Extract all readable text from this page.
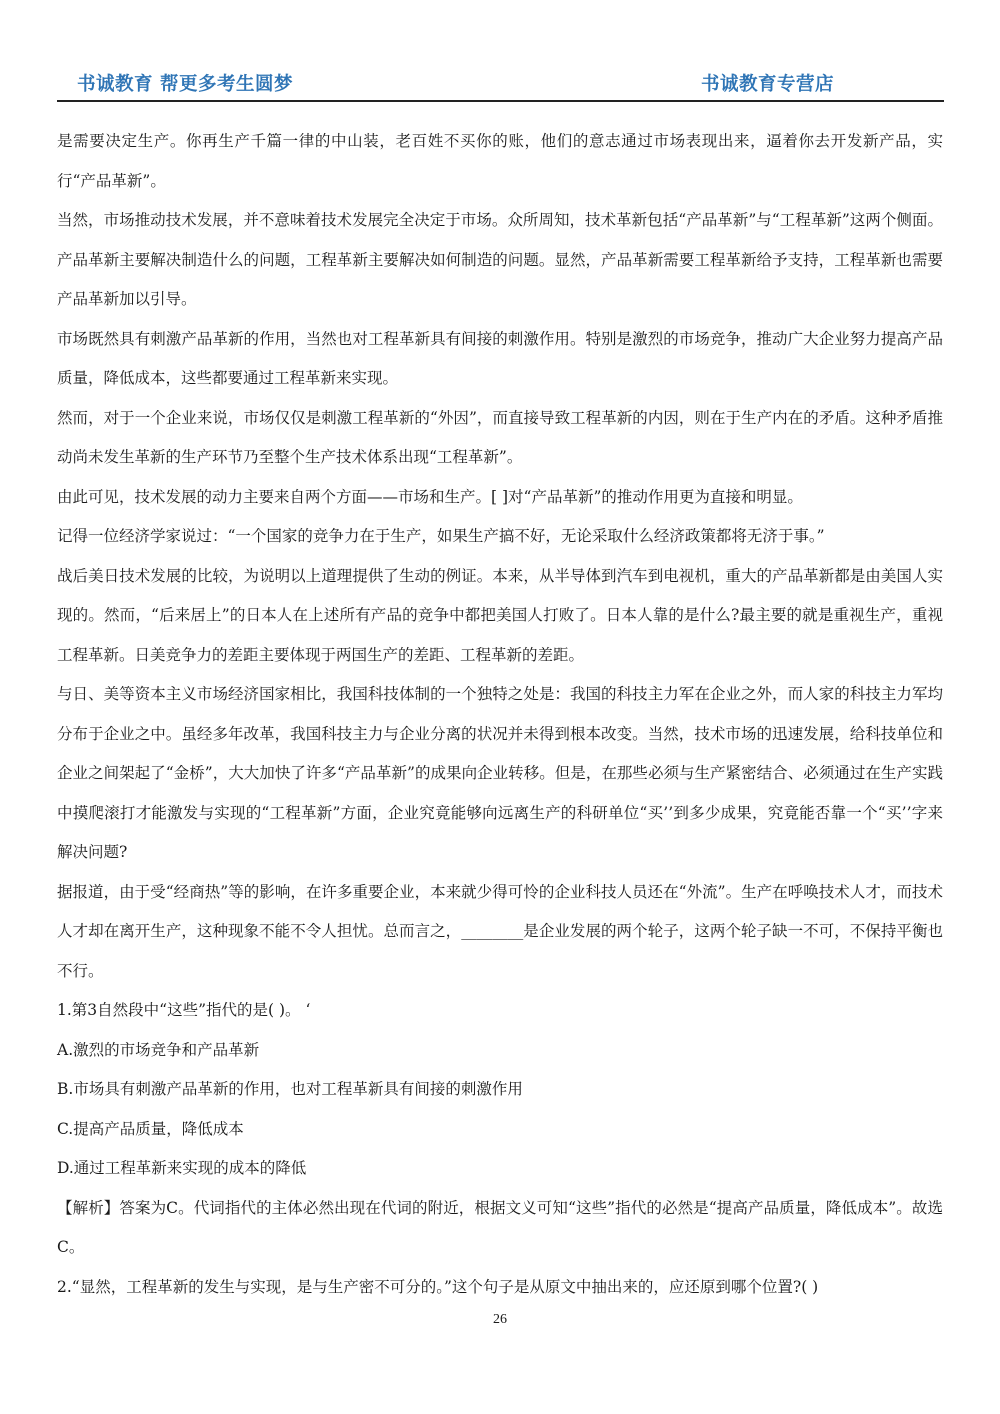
书诚教育 帮更多考生圆梦	书诚教育专营店

是需要决定生产。你再生产千篇一律的中山装，老百姓不买你的账，他们的意志通过市场表现出来，逼着你去开发新产品，实行“产品革新”。

当然，市场推动技术发展，并不意味着技术发展完全决定于市场。众所周知，技术革新包括“产品革新”与“工程革新”这两个侧面。产品革新主要解决制造什么的问题，工程革新主要解决如何制造的问题。显然，产品革新需要工程革新给予支持，工程革新也需要产品革新加以引导。

市场既然具有刺激产品革新的作用，当然也对工程革新具有间接的刺激作用。特别是激烈的市场竞争，推动广大企业努力提高产品质量，降低成本，这些都要通过工程革新来实现。

然而，对于一个企业来说，市场仅仅是刺激工程革新的“外因”，而直接导致工程革新的内因，则在于生产内在的矛盾。这种矛盾推动尚未发生革新的生产环节乃至整个生产技术体系出现“工程革新”。

由此可见，技术发展的动力主要来自两个方面——市场和生产。[ ]对“产品革新”的推动作用更为直接和明显。

记得一位经济学家说过：“一个国家的竞争力在于生产，如果生产搞不好，无论采取什么经济政策都将无济于事。”

战后美日技术发展的比较，为说明以上道理提供了生动的例证。本来，从半导体到汽车到电视机，重大的产品革新都是由美国人实现的。然而，“后来居上”的日本人在上述所有产品的竞争中都把美国人打败了。日本人靠的是什么?最主要的就是重视生产，重视工程革新。日美竞争力的差距主要体现于两国生产的差距、工程革新的差距。

与日、美等资本主义市场经济国家相比，我国科技体制的一个独特之处是：我国的科技主力军在企业之外，而人家的科技主力军均分布于企业之中。虽经多年改革，我国科技主力与企业分离的状况并未得到根本改变。当然，技术市场的迅速发展，给科技单位和企业之间架起了“金桥”，大大加快了许多“产品革新”的成果向企业转移。但是，在那些必须与生产紧密结合、必须通过在生产实践中摸爬滚打才能激发与实现的“工程革新”方面，企业究竟能够向远离生产的科研单位“买’’到多少成果，究竟能否靠一个“买’’字来解决问题?

据报道，由于受“经商热”等的影响，在许多重要企业，本来就少得可怜的企业科技人员还在“外流”。生产在呼唤技术人才，而技术人才却在离开生产，这种现象不能不令人担忧。总而言之，________是企业发展的两个轮子，这两个轮子缺一不可，不保持平衡也不行。

1.第3自然段中“这些”指代的是( )。 ‘

A.激烈的市场竞争和产品革新

B.市场具有刺激产品革新的作用，也对工程革新具有间接的刺激作用

C.提高产品质量，降低成本

D.通过工程革新来实现的成本的降低

【解析】答案为C。代词指代的主体必然出现在代词的附近，根据文义可知“这些”指代的必然是“提高产品质量，降低成本”。故选C。

2.“显然，工程革新的发生与实现，是与生产密不可分的。”这个句子是从原文中抽出来的，应还原到哪个位置?( )

26
